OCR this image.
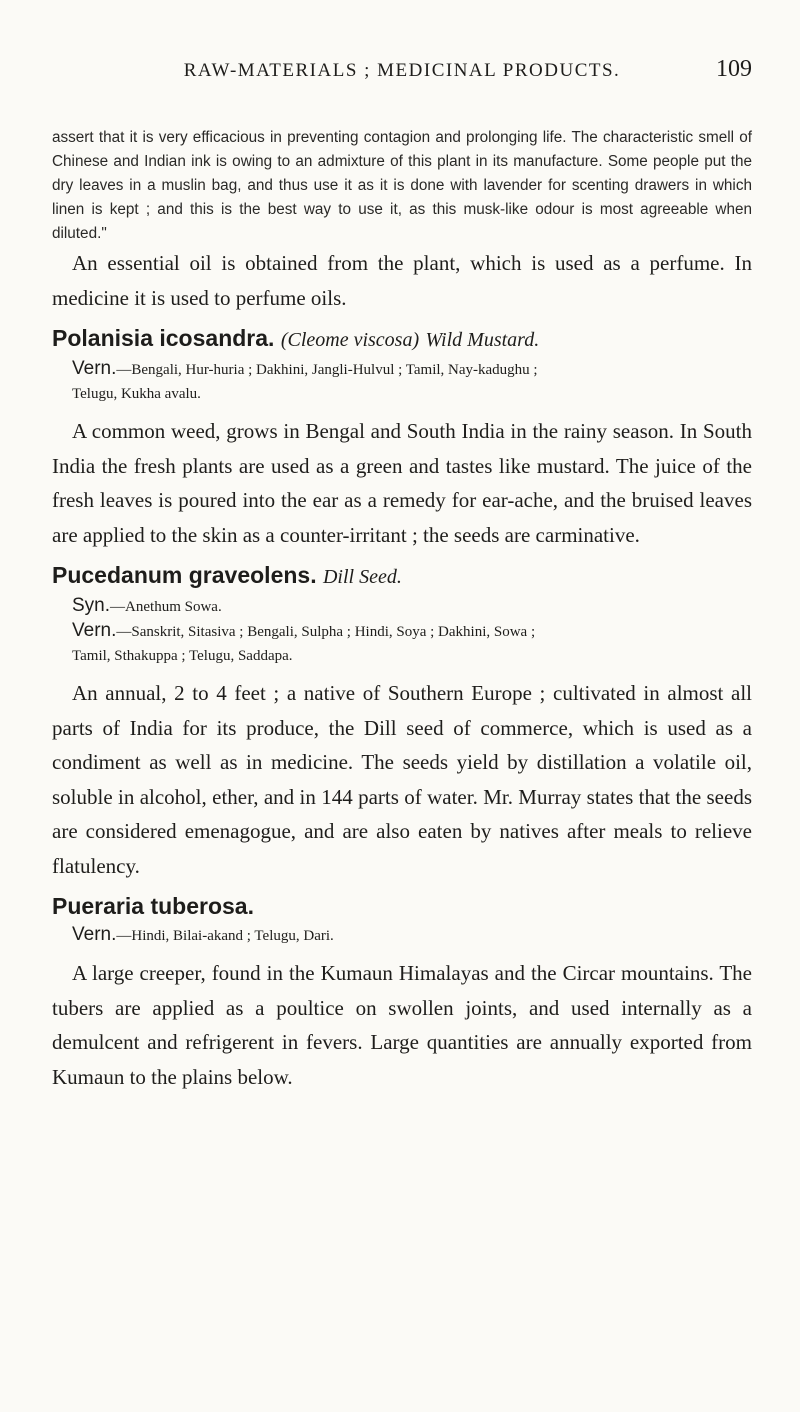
RAW-MATERIALS ; MEDICINAL PRODUCTS.	109

assert that it is very efficacious in preventing contagion and prolonging life. The characteristic smell of Chinese and Indian ink is owing to an admixture of this plant in its manufacture. Some people put the dry leaves in a muslin bag, and thus use it as it is done with lavender for scenting drawers in which linen is kept ; and this is the best way to use it, as this musk-like odour is most agreeable when diluted."

An essential oil is obtained from the plant, which is used as a perfume. In medicine it is used to perfume oils.

Polanisia icosandra. (Cleome viscosa) Wild Mustard.

Vern.—Bengali, Hur-huria ; Dakhini, Jangli-Hulvul ; Tamil, Nay-kadughu ;
Telugu, Kukha avalu.

A common weed, grows in Bengal and South India in the rainy season. In South India the fresh plants are used as a green and tastes like mustard. The juice of the fresh leaves is poured into the ear as a remedy for ear-ache, and the bruised leaves are applied to the skin as a counter-irritant ; the seeds are carminative.

Pucedanum graveolens. Dill Seed.

Syn.—Anethum Sowa.

Vern.—Sanskrit, Sitasiva ; Bengali, Sulpha ; Hindi, Soya ; Dakhini, Sowa ;
Tamil, Sthakuppa ; Telugu, Saddapa.

An annual, 2 to 4 feet ; a native of Southern Europe ; cultivated in almost all parts of India for its produce, the Dill seed of commerce, which is used as a condiment as well as in medicine. The seeds yield by distillation a volatile oil, soluble in alcohol, ether, and in 144 parts of water. Mr. Murray states that the seeds are considered emenagogue, and are also eaten by natives after meals to relieve flatulency.

Pueraria tuberosa.

Vern.—Hindi, Bilai-akand ; Telugu, Dari.

A large creeper, found in the Kumaun Himalayas and the Circar mountains. The tubers are applied as a poultice on swollen joints, and used internally as a demulcent and refrigerent in fevers. Large quantities are annually exported from Kumaun to the plains below.
